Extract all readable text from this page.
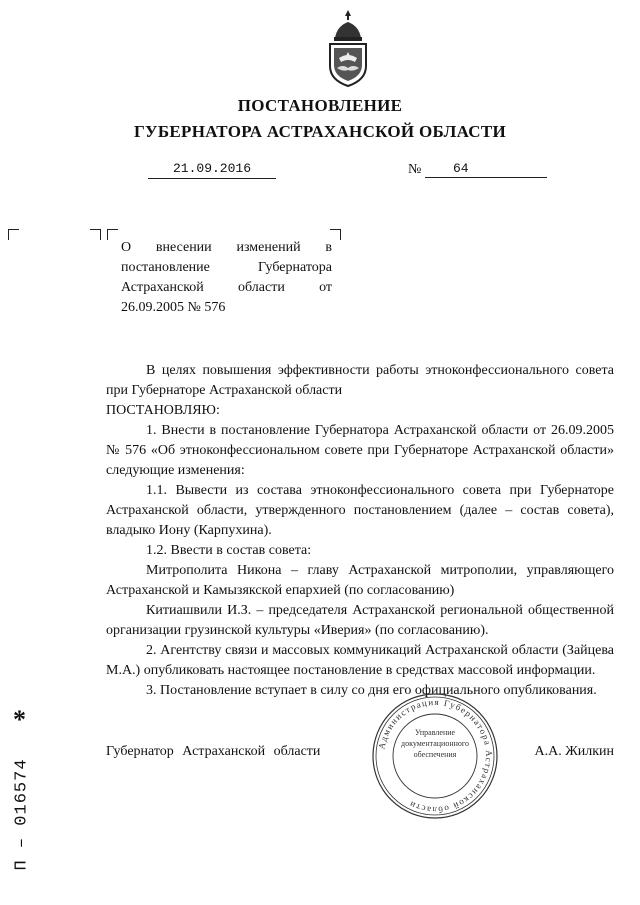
ПОСТАНОВЛЕНИЕ
ГУБЕРНАТОРА АСТРАХАНСКОЙ ОБЛАСТИ
21.09.2016	№	64
О внесении изменений в постановление Губернатора Астраханской области от 26.09.2005 № 576

В целях повышения эффективности работы этноконфессионального совета при Губернаторе Астраханской области

ПОСТАНОВЛЯЮ:

1. Внести в постановление Губернатора Астраханской области от 26.09.2005 № 576 «Об этноконфессиональном совете при Губернаторе Астраханской области» следующие изменения:

1.1. Вывести из состава этноконфессионального совета при Губернаторе Астраханской области, утвержденного постановлением (далее – состав совета), владыко Иону (Карпухина).

1.2. Ввести в состав совета:

Митрополита Никона – главу Астраханской митрополии, управляющего Астраханской и Камызякской епархией (по согласованию)

Китиашвили И.З. – председателя Астраханской региональной общественной организации грузинской культуры «Иверия» (по согласованию).

2. Агентству связи и массовых коммуникаций Астраханской области (Зайцева М.А.) опубликовать настоящее постановление в средствах массовой информации.

3. Постановление вступает в силу со дня его официального опубликования.

Губернатор Астраханской области	А.А. Жилкин
Администрация Губернатора Астраханской области
Управление
документационного
обеспечения
*
П – 016574
